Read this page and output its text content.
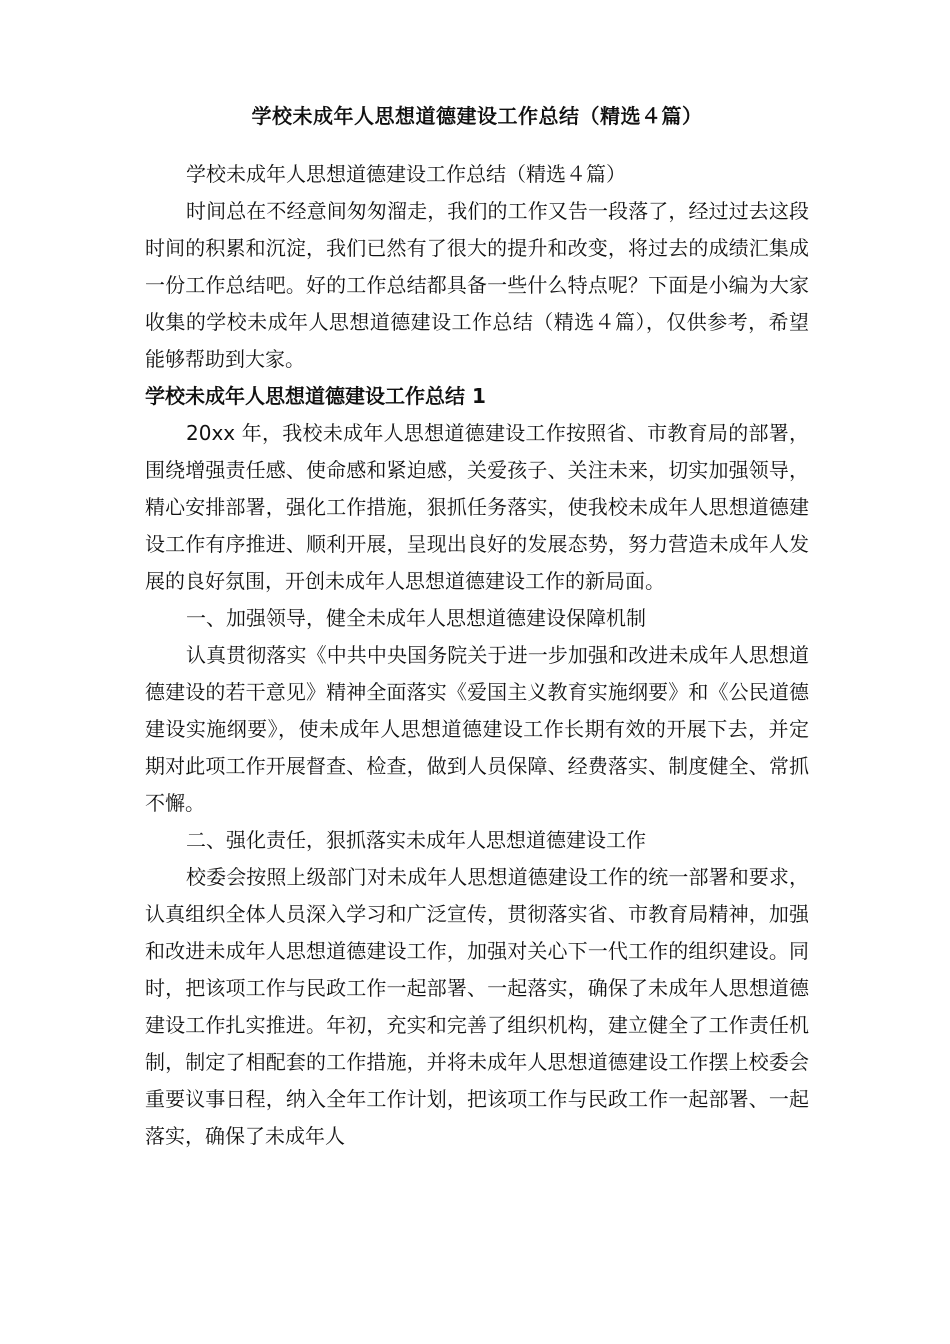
学校未成年人思想道德建设工作总结（精选４篇）

学校未成年人思想道德建设工作总结（精选４篇）

时间总在不经意间匆匆溜走，我们的工作又告一段落了，经过过去这段时间的积累和沉淀，我们已然有了很大的提升和改变，将过去的成绩汇集成一份工作总结吧。好的工作总结都具备一些什么特点呢？下面是小编为大家收集的学校未成年人思想道德建设工作总结（精选４篇），仅供参考，希望能够帮助到大家。

学校未成年人思想道德建设工作总结 1

20xx 年，我校未成年人思想道德建设工作按照省、市教育局的部署，围绕增强责任感、使命感和紧迫感，关爱孩子、关注未来，切实加强领导，精心安排部署，强化工作措施，狠抓任务落实，使我校未成年人思想道德建设工作有序推进、顺利开展，呈现出良好的发展态势，努力营造未成年人发展的良好氛围，开创未成年人思想道德建设工作的新局面。

一、加强领导，健全未成年人思想道德建设保障机制

认真贯彻落实《中共中央国务院关于进一步加强和改进未成年人思想道德建设的若干意见》精神全面落实《爱国主义教育实施纲要》和《公民道德建设实施纲要》，使未成年人思想道德建设工作长期有效的开展下去，并定期对此项工作开展督查、检查，做到人员保障、经费落实、制度健全、常抓不懈。

二、强化责任，狠抓落实未成年人思想道德建设工作

校委会按照上级部门对未成年人思想道德建设工作的统一部署和要求，认真组织全体人员深入学习和广泛宣传，贯彻落实省、市教育局精神，加强和改进未成年人思想道德建设工作，加强对关心下一代工作的组织建设。同时，把该项工作与民政工作一起部署、一起落实，确保了未成年人思想道德建设工作扎实推进。年初，充实和完善了组织机构，建立健全了工作责任机制，制定了相配套的工作措施，并将未成年人思想道德建设工作摆上校委会重要议事日程，纳入全年工作计划，把该项工作与民政工作一起部署、一起落实，确保了未成年人
